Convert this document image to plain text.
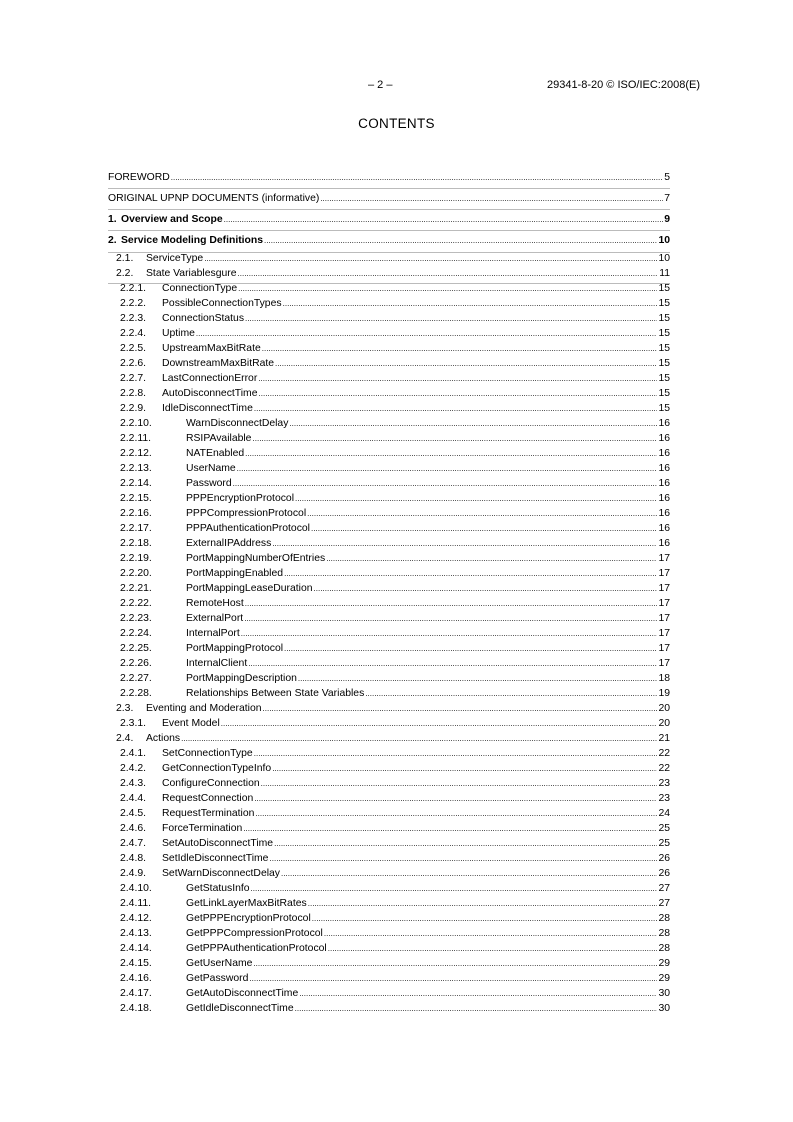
– 2 –	29341-8-20 © ISO/IEC:2008(E)
CONTENTS
FOREWORD . . .	5
ORIGINAL UPNP DOCUMENTS (informative) . . .	7
1. Overview and Scope . . .	9
2. Service Modeling Definitions . . .	10
2.1.	ServiceType . . .	10
2.2.	State Variablesgure . . .	11
2.2.1.	ConnectionType . . .	15
2.2.2.	PossibleConnectionTypes . . .	15
2.2.3.	ConnectionStatus . . .	15
2.2.4.	Uptime . . .	15
2.2.5.	UpstreamMaxBitRate . . .	15
2.2.6.	DownstreamMaxBitRate . . .	15
2.2.7.	LastConnectionError . . .	15
2.2.8.	AutoDisconnectTime . . .	15
2.2.9.	IdleDisconnectTime . . .	15
2.2.10.	WarnDisconnectDelay . . .	16
2.2.11.	RSIPAvailable . . .	16
2.2.12.	NATEnabled . . .	16
2.2.13.	UserName . . .	16
2.2.14.	Password . . .	16
2.2.15.	PPPEncryptionProtocol . . .	16
2.2.16.	PPPCompressionProtocol . . .	16
2.2.17.	PPPAuthenticationProtocol . . .	16
2.2.18.	ExternalIPAddress . . .	16
2.2.19.	PortMappingNumberOfEntries . . .	17
2.2.20.	PortMappingEnabled . . .	17
2.2.21.	PortMappingLeaseDuration . . .	17
2.2.22.	RemoteHost . . .	17
2.2.23.	ExternalPort . . .	17
2.2.24.	InternalPort . . .	17
2.2.25.	PortMappingProtocol . . .	17
2.2.26.	InternalClient . . .	17
2.2.27.	PortMappingDescription . . .	18
2.2.28.	Relationships Between State Variables . . .	19
2.3.	Eventing and Moderation . . .	20
2.3.1.	Event Model . . .	20
2.4.	Actions . . .	21
2.4.1.	SetConnectionType . . .	22
2.4.2.	GetConnectionTypeInfo . . .	22
2.4.3.	ConfigureConnection . . .	23
2.4.4.	RequestConnection . . .	23
2.4.5.	RequestTermination . . .	24
2.4.6.	ForceTermination . . .	25
2.4.7.	SetAutoDisconnectTime . . .	25
2.4.8.	SetIdleDisconnectTime . . .	26
2.4.9.	SetWarnDisconnectDelay . . .	26
2.4.10.	GetStatusInfo . . .	27
2.4.11.	GetLinkLayerMaxBitRates . . .	27
2.4.12.	GetPPPEncryptionProtocol . . .	28
2.4.13.	GetPPPCompressionProtocol . . .	28
2.4.14.	GetPPPAuthenticationProtocol . . .	28
2.4.15.	GetUserName . . .	29
2.4.16.	GetPassword . . .	29
2.4.17.	GetAutoDisconnectTime . . .	30
2.4.18.	GetIdleDisconnectTime . . .	30
